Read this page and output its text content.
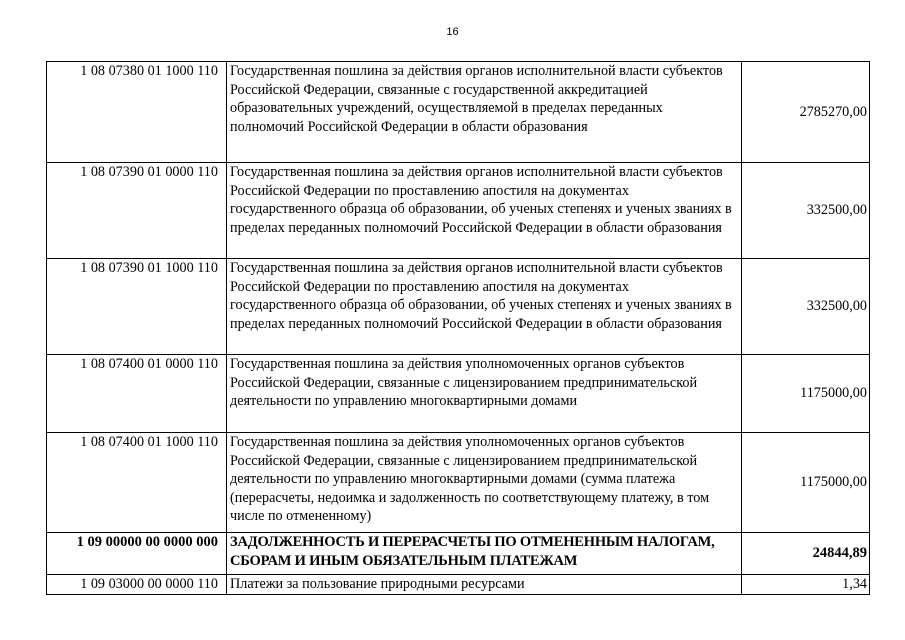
16
1 08 07380 01 1000 110	Государственная пошлина за действия органов исполнительной власти субъектов Российской Федерации, связанные с государственной аккредитацией образовательных учреждений, осуществляемой в пределах переданных полномочий Российской Федерации в области образования	2785270,00
1 08 07390 01 0000 110	Государственная пошлина за действия органов исполнительной власти субъектов Российской Федерации по проставлению апостиля на документах государственного образца об образовании, об ученых степенях и ученых званиях в пределах переданных полномочий Российской Федерации в области образования	332500,00
1 08 07390 01 1000 110	Государственная пошлина за действия органов исполнительной власти субъектов Российской Федерации по проставлению апостиля на документах государственного образца об образовании, об ученых степенях и ученых званиях в пределах переданных полномочий Российской Федерации в области образования	332500,00
1 08 07400 01 0000 110	Государственная пошлина за действия уполномоченных органов субъектов Российской Федерации, связанные с лицензированием предпринимательской деятельности по управлению многоквартирными домами	1175000,00
1 08 07400 01 1000 110	Государственная пошлина за действия уполномоченных органов субъектов Российской Федерации, связанные с лицензированием предпринимательской деятельности по управлению многоквартирными домами (сумма платежа (перерасчеты, недоимка и задолженность по соответствующему платежу, в том числе по отмененному)	1175000,00
1 09 00000 00 0000 000	ЗАДОЛЖЕННОСТЬ И ПЕРЕРАСЧЕТЫ ПО ОТМЕНЕННЫМ НАЛОГАМ, СБОРАМ И ИНЫМ ОБЯЗАТЕЛЬНЫМ ПЛАТЕЖАМ	24844,89
1 09 03000 00 0000 110	Платежи за пользование природными ресурсами	1,34
